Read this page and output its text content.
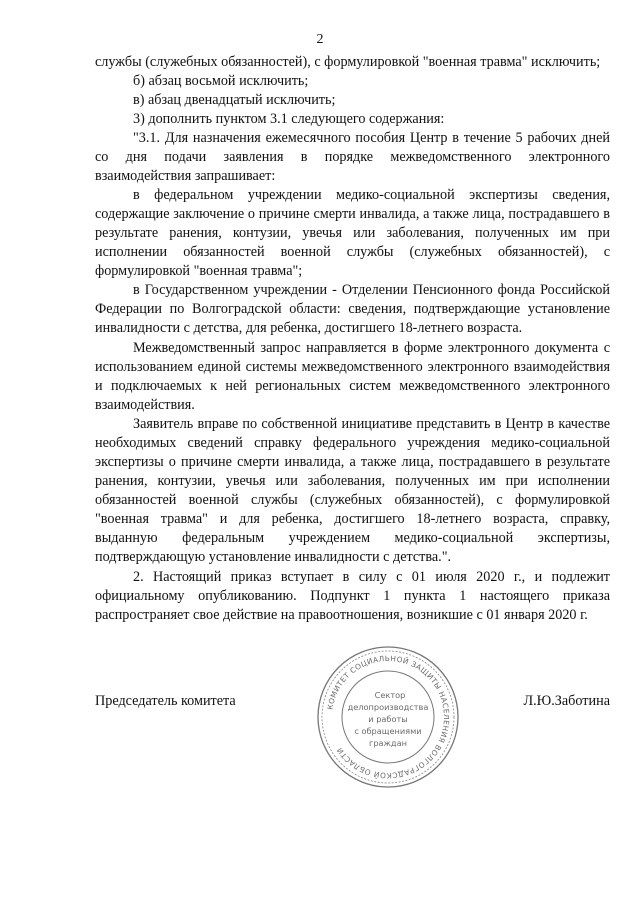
2

службы (служебных обязанностей), с формулировкой "военная травма" исключить;

б) абзац восьмой исключить;

в) абзац двенадцатый исключить;

3) дополнить пунктом 3.1 следующего содержания:

"3.1. Для назначения ежемесячного пособия Центр в течение 5 рабочих дней со дня подачи заявления в порядке межведомственного электронного взаимодействия запрашивает:

в федеральном учреждении медико-социальной экспертизы сведения, содержащие заключение о причине смерти инвалида, а также лица, пострадавшего в результате ранения, контузии, увечья или заболевания, полученных им при исполнении обязанностей военной службы (служебных обязанностей), с формулировкой "военная травма";

в Государственном учреждении - Отделении Пенсионного фонда Российской Федерации по Волгоградской области: сведения, подтверждающие установление инвалидности с детства, для ребенка, достигшего 18-летнего возраста.

Межведомственный запрос направляется в форме электронного документа с использованием единой системы межведомственного электронного взаимодействия и подключаемых к ней региональных систем межведомственного электронного взаимодействия.

Заявитель вправе по собственной инициативе представить в Центр в качестве необходимых сведений справку федерального учреждения медико-социальной экспертизы о причине смерти инвалида, а также лица, пострадавшего в результате ранения, контузии, увечья или заболевания, полученных им при исполнении обязанностей военной службы (служебных обязанностей), с формулировкой "военная травма" и для ребенка, достигшего 18-летнего возраста, справку, выданную федеральным учреждением медико-социальной экспертизы, подтверждающую установление инвалидности с детства.".

2. Настоящий приказ вступает в силу с 01 июля 2020 г., и подлежит официальному опубликованию. Подпункт 1 пункта 1 настоящего приказа распространяет свое действие на правоотношения, возникшие с 01 января 2020 г.

Председатель комитета	Л.Ю.Заботина
КОМИТЕТ СОЦИАЛЬНОЙ ЗАЩИТЫ НАСЕЛЕНИЯ ВОЛГОГРАДСКОЙ ОБЛАСТИ
Сектор
делопроизводства
и работы
с обращениями
граждан
